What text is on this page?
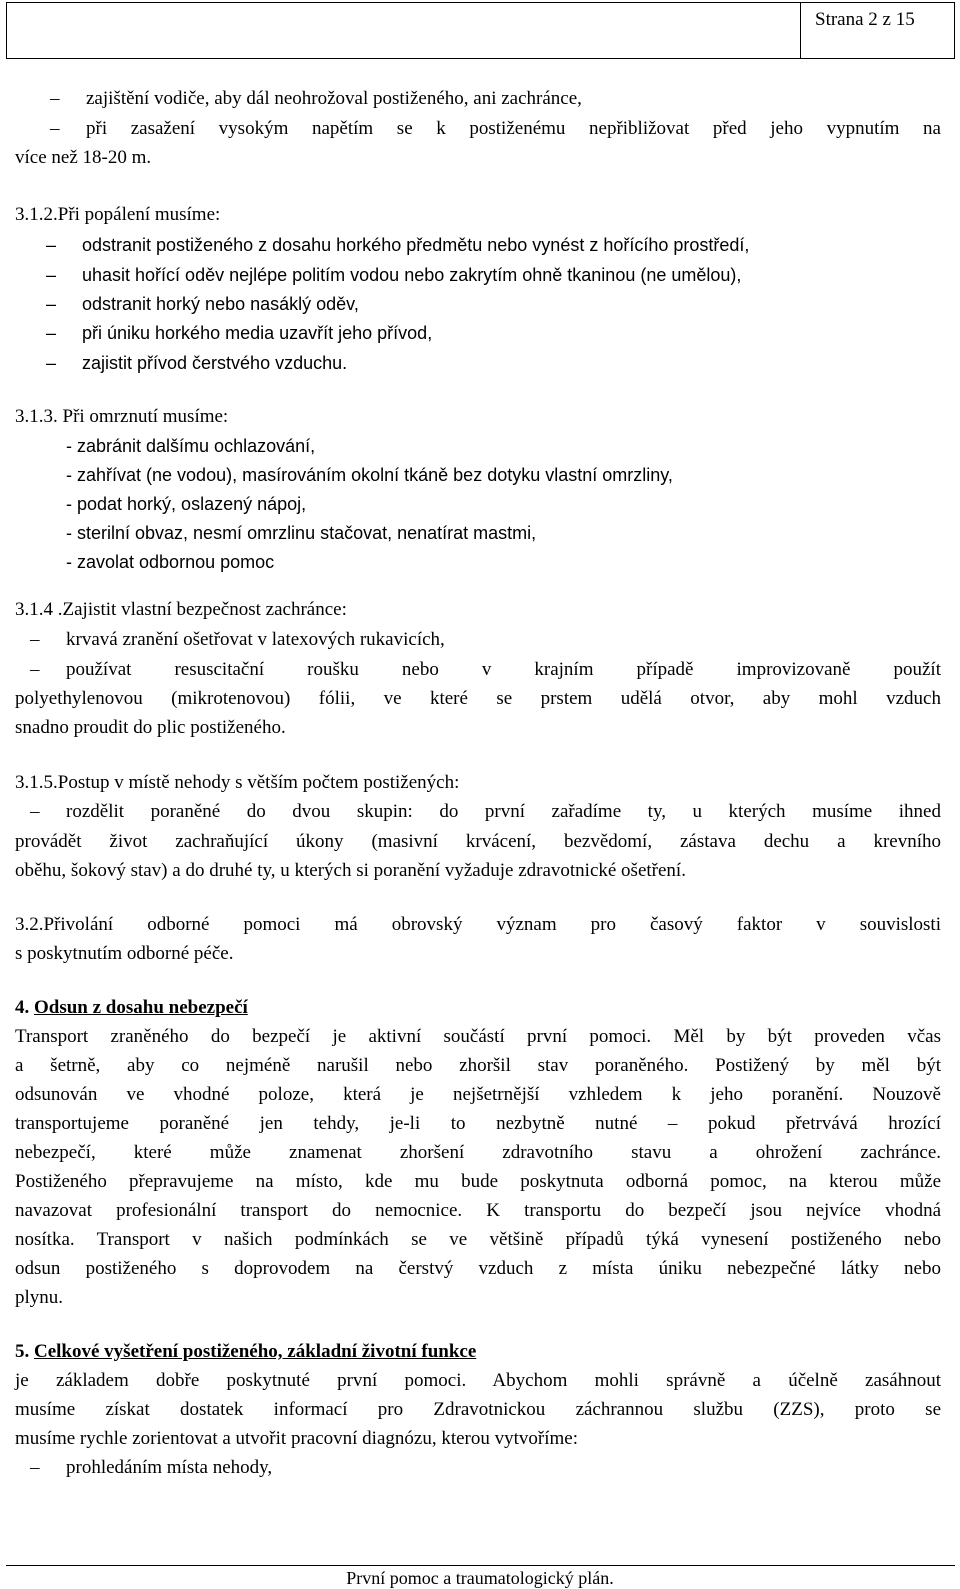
Strana 2 z 15
– zajištění vodiče, aby dál neohrožoval postiženého, ani zachránce,
–	při zasažení vysokým napětím se k postiženému nepřibližovat před jeho vypnutím na
více než 18-20 m.
3.1.2.Při popálení musíme:
– odstranit postiženého z dosahu horkého předmětu nebo vynést z hořícího prostředí,
– uhasit hořící oděv nejlépe politím vodou nebo zakrytím ohně tkaninou (ne umělou),
– odstranit horký nebo nasáklý oděv,
– při úniku horkého media uzavřít jeho přívod,
– zajistit přívod čerstvého vzduchu.
3.1.3. Při omrznutí musíme:
- zabránit dalšímu ochlazování,
- zahřívat (ne vodou), masírováním okolní tkáně bez dotyku vlastní omrzliny,
- podat horký, oslazený nápoj,
- sterilní obvaz, nesmí omrzlinu stačovat, nenatírat mastmi,
- zavolat odbornou pomoc
3.1.4 .Zajistit vlastní bezpečnost zachránce:
– krvavá zranění ošetřovat v latexových rukavicích,
–	používat resuscitační roušku nebo v krajním případě improvizovaně použít
polyethylenovou (mikrotenovou) fólii, ve které se prstem udělá otvor, aby mohl vzduch
snadno proudit do plic postiženého.
3.1.5.Postup v místě nehody s větším počtem postižených:
–	rozdělit poraněné do dvou skupin: do první zařadíme ty, u kterých musíme ihned
provádět život zachraňující úkony (masivní krvácení, bezvědomí, zástava dechu a krevního
oběhu, šokový stav) a do druhé ty, u kterých si poranění vyžaduje zdravotnické ošetření.
3.2.Přivolání odborné pomoci má obrovský význam pro časový faktor v souvislosti
s poskytnutím odborné péče.
4. Odsun z dosahu nebezpečí
Transport zraněného do bezpečí je aktivní součástí první pomoci. Měl by být proveden včas
a šetrně, aby co nejméně narušil nebo zhoršil stav poraněného. Postižený by měl být
odsunován ve vhodné poloze, která je nejšetrnější vzhledem k jeho poranění. Nouzově
transportujeme poraněné jen tehdy, je-li to nezbytně nutné – pokud přetrvává hrozící
nebezpečí, které může znamenat zhoršení zdravotního stavu a ohrožení zachránce.
Postiženého přepravujeme na místo, kde mu bude poskytnuta odborná pomoc, na kterou může
navazovat profesionální transport do nemocnice. K transportu do bezpečí jsou nejvíce vhodná
nosítka. Transport v našich podmínkách se ve většině případů týká vynesení postiženého nebo
odsun postiženého s doprovodem na čerstvý vzduch z místa úniku nebezpečné látky nebo
plynu.
5. Celkové vyšetření postiženého, základní životní funkce
je základem dobře poskytnuté první pomoci. Abychom mohli správně a účelně zasáhnout
musíme získat dostatek informací pro Zdravotnickou záchrannou službu (ZZS), proto se
musíme rychle zorientovat a utvořit pracovní diagnózu, kterou vytvoříme:
– prohledáním místa nehody,
První pomoc a traumatologický plán.
